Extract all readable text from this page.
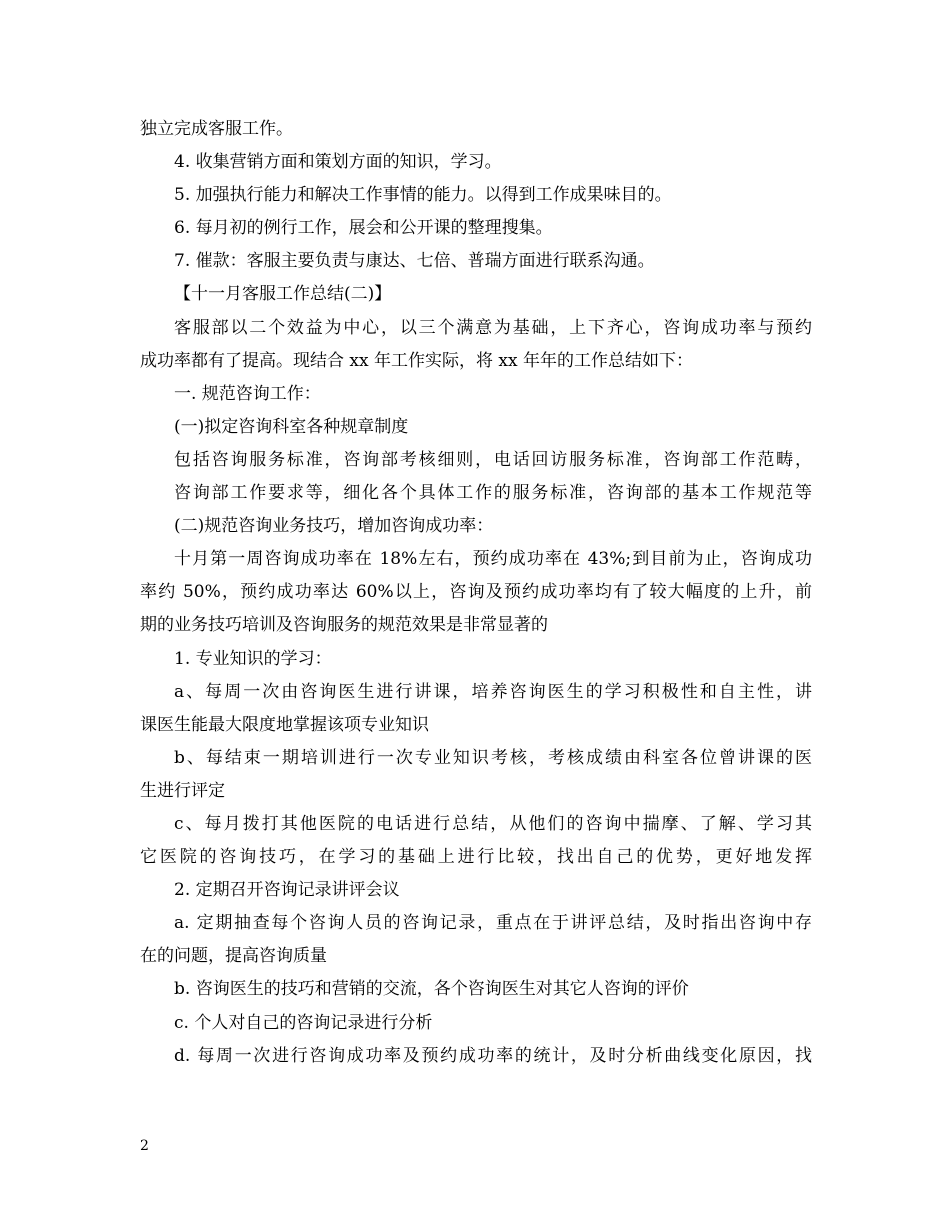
独立完成客服工作。
4. 收集营销方面和策划方面的知识，学习。
5. 加强执行能力和解决工作事情的能力。以得到工作成果味目的。
6. 每月初的例行工作，展会和公开课的整理搜集。
7. 催款：客服主要负责与康达、七倍、普瑞方面进行联系沟通。
【十一月客服工作总结(二)】
客服部以二个效益为中心，以三个满意为基础，上下齐心，咨询成功率与预约
成功率都有了提高。现结合 xx 年工作实际，将 xx 年年的工作总结如下：
一. 规范咨询工作：
(一)拟定咨询科室各种规章制度
包括咨询服务标准，咨询部考核细则，电话回访服务标准，咨询部工作范畴，
咨询部工作要求等，细化各个具体工作的服务标准，咨询部的基本工作规范等
(二)规范咨询业务技巧，增加咨询成功率：
十月第一周咨询成功率在 18%左右，预约成功率在 43%;到目前为止，咨询成功
率约 50%，预约成功率达 60%以上，咨询及预约成功率均有了较大幅度的上升，前
期的业务技巧培训及咨询服务的规范效果是非常显著的
1. 专业知识的学习：
a、每周一次由咨询医生进行讲课，培养咨询医生的学习积极性和自主性，讲
课医生能最大限度地掌握该项专业知识
b、每结束一期培训进行一次专业知识考核，考核成绩由科室各位曾讲课的医
生进行评定
c、每月拨打其他医院的电话进行总结，从他们的咨询中揣摩、了解、学习其
它医院的咨询技巧，在学习的基础上进行比较，找出自己的优势，更好地发挥
2. 定期召开咨询记录讲评会议
a. 定期抽查每个咨询人员的咨询记录，重点在于讲评总结，及时指出咨询中存
在的问题，提高咨询质量
b. 咨询医生的技巧和营销的交流，各个咨询医生对其它人咨询的评价
c. 个人对自己的咨询记录进行分析
d. 每周一次进行咨询成功率及预约成功率的统计，及时分析曲线变化原因，找
2
